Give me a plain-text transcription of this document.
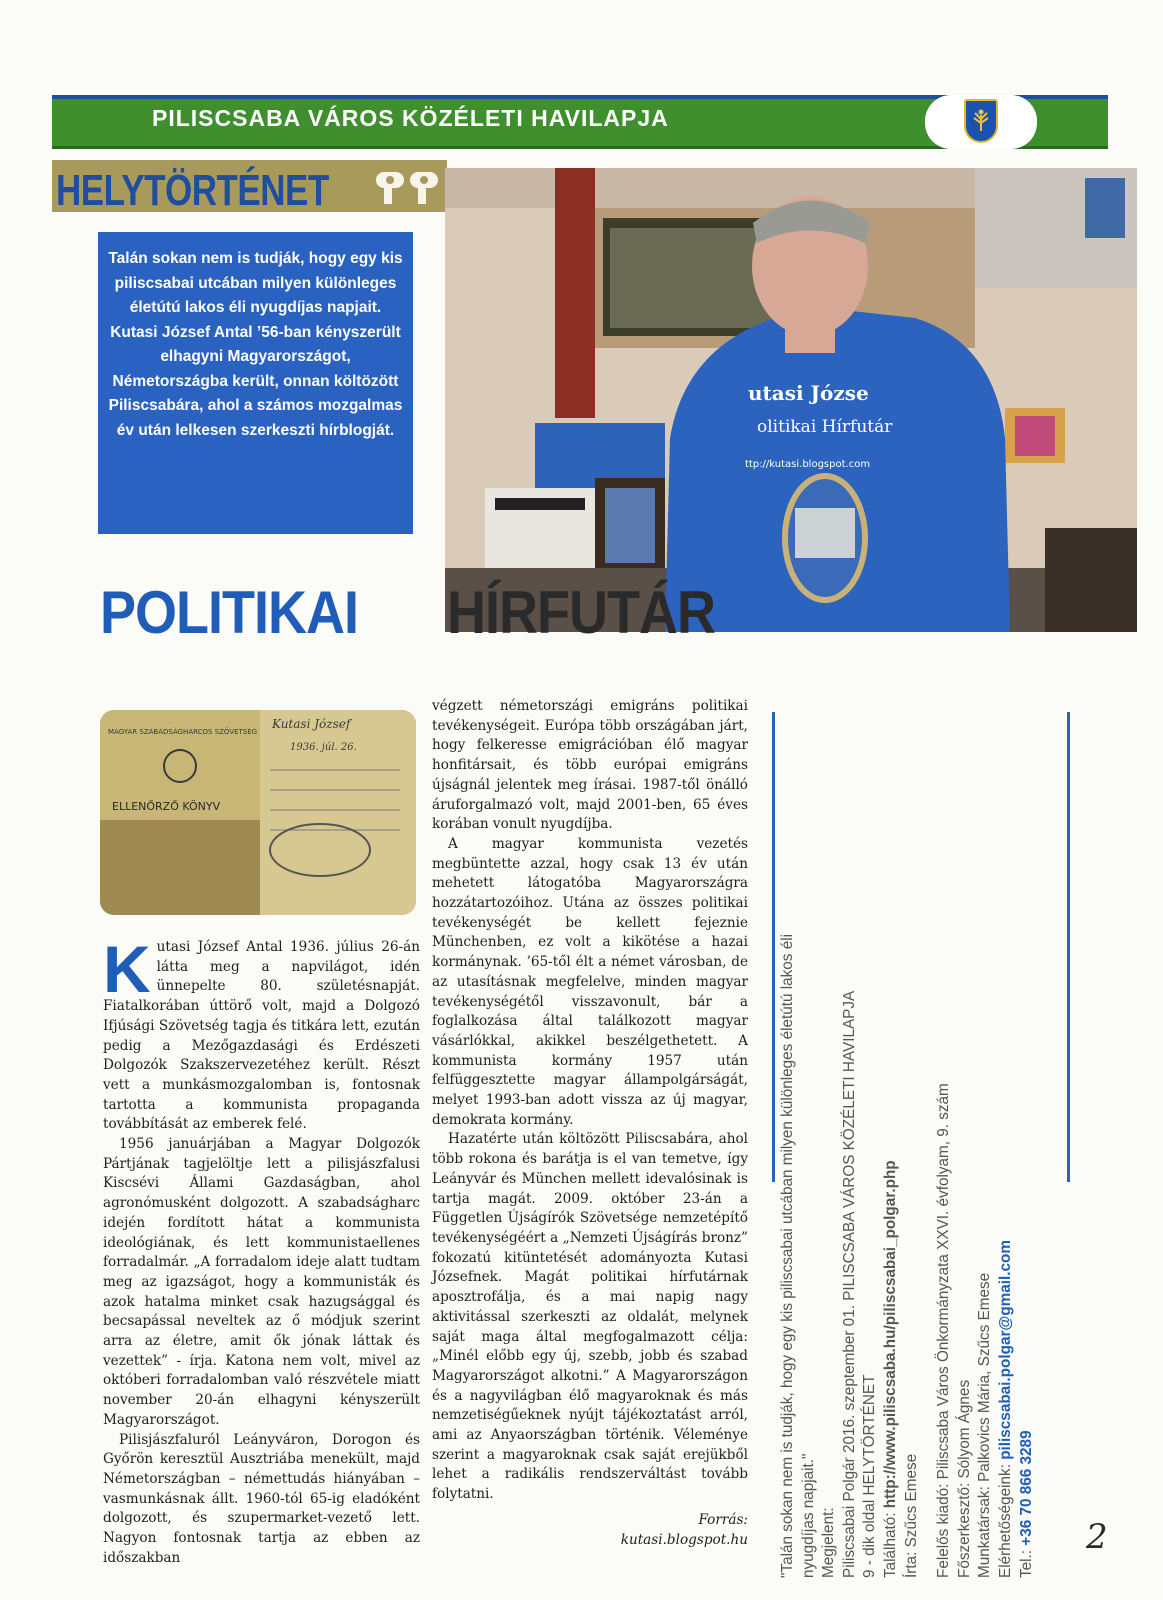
PILISCSABA VÁROS KÖZÉLETI HAVILAPJA
HELYTÖRTÉNET
Talán sokan nem is tudják, hogy egy kis piliscsabai utcában milyen különleges életútú lakos éli nyugdíjas napjait. Kutasi József Antal ’56-ban kényszerült elhagyni Magyarországot, Németországba került, onnan költözött Piliscsabára, ahol a számos mozgalmas év után lelkesen szerkeszti hírblogját.
utasi Józse
olitikai Hírfutár
ttp://kutasi.blogspot.com
POLITIKAI HÍRFUTÁR
MAGYAR SZABADSÁGHARCOS SZÖVETSÉG
ELLENŐRZŐ KÖNYV
Kutasi József
1936. júl. 26.

Kutasi József Antal 1936. július 26-án látta meg a napvilágot, idén ünnepelte 80. születésnapját. Fiatalkorában úttörő volt, majd a Dolgozó Ifjúsági Szövetség tagja és titkára lett, ezután pedig a Mezőgazdasági és Erdészeti Dolgozók Szakszervezetéhez került. Részt vett a munkásmozgalomban is, fontosnak tartotta a kommunista propaganda továbbítását az emberek felé.

1956 januárjában a Magyar Dolgozók Pártjának tagjelöltje lett a pilisjászfalusi Kiscsévi Állami Gazdaságban, ahol agronómusként dolgozott. A szabadságharc idején fordított hátat a kommunista ideológiának, és lett kommunistaellenes forradalmár. „A forradalom ideje alatt tudtam meg az igazságot, hogy a kommunisták és azok hatalma minket csak hazugsággal és becsapással neveltek az ő módjuk szerint arra az életre, amit ők jónak láttak és vezettek” - írja. Katona nem volt, mivel az októberi forradalomban való részvétele miatt november 20-án elhagyni kényszerült Magyarországot.

Pilisjászfaluról Leányváron, Dorogon és Győrön keresztül Ausztriába menekült, majd Németországban – némettudás hiányában – vasmunkásnak állt. 1960-tól 65-ig eladóként dolgozott, és szupermarket-vezető lett. Nagyon fontosnak tartja az ebben az időszakban

végzett németországi emigráns politikai tevékenységeit. Európa több országában járt, hogy felkeresse emigrációban élő magyar honfitársait, és több európai emigráns újságnál jelentek meg írásai. 1987-től önálló áruforgalmazó volt, majd 2001-ben, 65 éves korában vonult nyugdíjba.

A magyar kommunista vezetés megbüntette azzal, hogy csak 13 év után mehetett látogatóba Magyarországra hozzátartozóihoz. Utána az összes politikai tevékenységét be kellett fejeznie Münchenben, ez volt a kikötése a hazai kormánynak. ’65-től élt a német városban, de az utasításnak megfelelve, minden magyar tevékenységétől visszavonult, bár a foglalkozása által találkozott magyar vásárlókkal, akikkel beszélgethetett. A kommunista kormány 1957 után felfüggesztette magyar állampolgárságát, melyet 1993-ban adott vissza az új magyar, demokrata kormány.

Hazatérte után költözött Piliscsabára, ahol több rokona és barátja is el van temetve, így Leányvár és München mellett idevalósinak is tartja magát. 2009. október 23-án a Független Újságírók Szövetsége nemzetépítő tevékenységéért a „Nemzeti Újságírás bronz” fokozatú kitüntetését adományozta Kutasi Józsefnek. Magát politikai hírfutárnak aposztrofálja, és a mai napig nagy aktivitással szerkeszti az oldalát, melynek saját maga által megfogalmazott célja: „Minél előbb egy új, szebb, jobb és szabad Magyarországot alkotni.” A Magyarországon és a nagyvilágban élő magyaroknak és más nemzetiségűeknek nyújt tájékoztatást arról, ami az Anyaországban történik. Véleménye szerint a magyaroknak csak saját erejükből lehet a radikális rendszerváltást tovább folytatni.

Forrás:
kutasi.blogspot.hu "Talán sokan nem is tudják, hogy egy kis piliscsabai utcában milyen különleges életútú lakos éli nyugdíjas napjait." Megjelent: Piliscsabai Polgár 2016. szeptember 01. PILISCSABA VÁROS KÖZÉLETI HAVILAPJA 9 - dik oldal HELYTÖRTÉNET Található: http://www.piliscsaba.hu/piliscsabai_polgar.php
Írta: Szűcs Emese Felelős kiadó: Piliscsaba Város Önkormányzata XXVI. évfolyam, 9. szám Főszerkesztő: Sólyom Ágnes Munkatársak: Palkovics Mária, Szűcs Emese Elérhetőségeink: piliscsabai.polgar@gmail.com
Tel.: +36 70 866 3289 2
